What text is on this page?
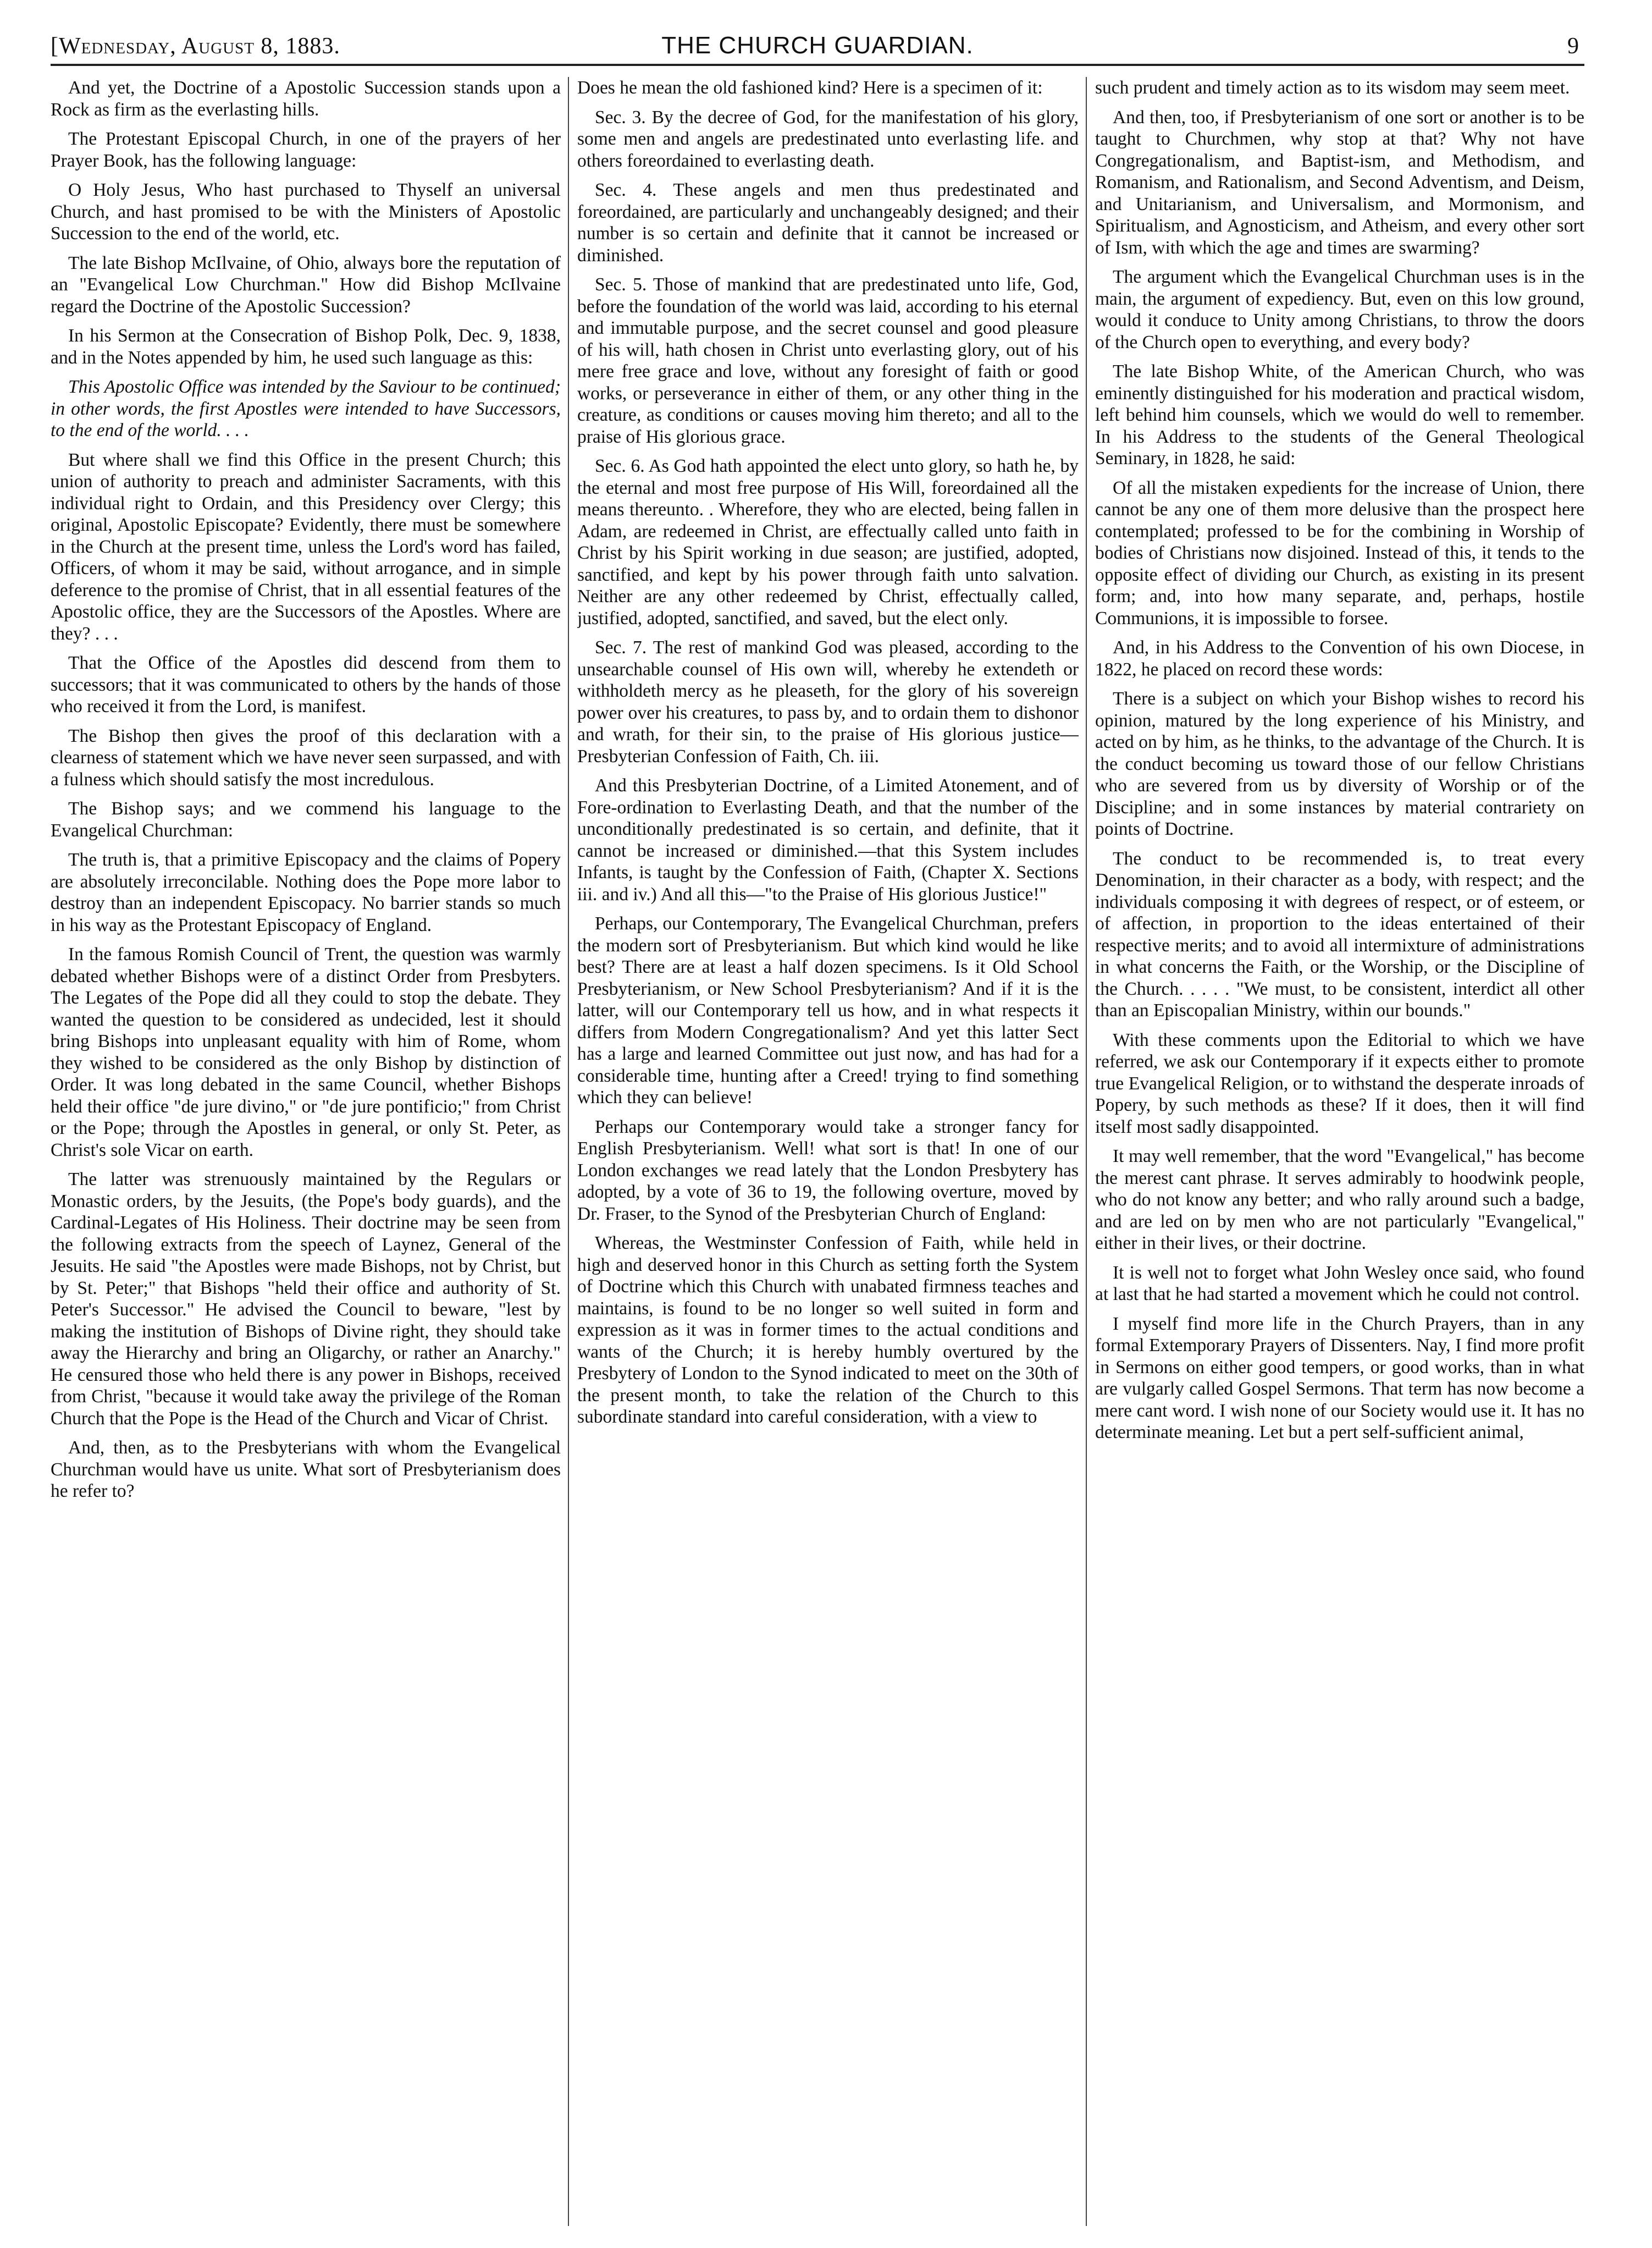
[Wednesday, August 8, 1883.	THE CHURCH GUARDIAN.	9

And yet, the Doctrine of a Apostolic Succession stands upon a Rock as firm as the everlasting hills.

The Protestant Episcopal Church, in one of the prayers of her Prayer Book, has the following language:

O Holy Jesus, Who hast purchased to Thyself an universal Church, and hast promised to be with the Ministers of Apostolic Succession to the end of the world, etc.

The late Bishop McIlvaine, of Ohio, always bore the reputation of an "Evangelical Low Churchman." How did Bishop McIlvaine regard the Doctrine of the Apostolic Succession?

In his Sermon at the Consecration of Bishop Polk, Dec. 9, 1838, and in the Notes appended by him, he used such language as this:

This Apostolic Office was intended by the Saviour to be continued; in other words, the first Apostles were intended to have Successors, to the end of the world. . . .

But where shall we find this Office in the present Church; this union of authority to preach and administer Sacraments, with this individual right to Ordain, and this Presidency over Clergy; this original, Apostolic Episcopate? Evidently, there must be somewhere in the Church at the present time, unless the Lord's word has failed, Officers, of whom it may be said, without arrogance, and in simple deference to the promise of Christ, that in all essential features of the Apostolic office, they are the Successors of the Apostles. Where are they? . . .

That the Office of the Apostles did descend from them to successors; that it was communicated to others by the hands of those who received it from the Lord, is manifest.

The Bishop then gives the proof of this declaration with a clearness of statement which we have never seen surpassed, and with a fulness which should satisfy the most incredulous.

The Bishop says; and we commend his language to the Evangelical Churchman:

The truth is, that a primitive Episcopacy and the claims of Popery are absolutely irreconcilable. Nothing does the Pope more labor to destroy than an independent Episcopacy. No barrier stands so much in his way as the Protestant Episcopacy of England.

In the famous Romish Council of Trent, the question was warmly debated whether Bishops were of a distinct Order from Presbyters. The Legates of the Pope did all they could to stop the debate. They wanted the question to be considered as undecided, lest it should bring Bishops into unpleasant equality with him of Rome, whom they wished to be considered as the only Bishop by distinction of Order. It was long debated in the same Council, whether Bishops held their office "de jure divino," or "de jure pontificio;" from Christ or the Pope; through the Apostles in general, or only St. Peter, as Christ's sole Vicar on earth.

The latter was strenuously maintained by the Regulars or Monastic orders, by the Jesuits, (the Pope's body guards), and the Cardinal-Legates of His Holiness. Their doctrine may be seen from the following extracts from the speech of Laynez, General of the Jesuits. He said "the Apostles were made Bishops, not by Christ, but by St. Peter;" that Bishops "held their office and authority of St. Peter's Successor." He advised the Council to beware, "lest by making the institution of Bishops of Divine right, they should take away the Hierarchy and bring an Oligarchy, or rather an Anarchy." He censured those who held there is any power in Bishops, received from Christ, "because it would take away the privilege of the Roman Church that the Pope is the Head of the Church and Vicar of Christ.

And, then, as to the Presbyterians with whom the Evangelical Churchman would have us unite. What sort of Presbyterianism does he refer to?

Does he mean the old fashioned kind? Here is a specimen of it:

Sec. 3. By the decree of God, for the manifestation of his glory, some men and angels are predestinated unto everlasting life. and others foreordained to everlasting death.

Sec. 4. These angels and men thus predestinated and foreordained, are particularly and unchangeably designed; and their number is so certain and definite that it cannot be increased or diminished.

Sec. 5. Those of mankind that are predestinated unto life, God, before the foundation of the world was laid, according to his eternal and immutable purpose, and the secret counsel and good pleasure of his will, hath chosen in Christ unto everlasting glory, out of his mere free grace and love, without any foresight of faith or good works, or perseverance in either of them, or any other thing in the creature, as conditions or causes moving him thereto; and all to the praise of His glorious grace.

Sec. 6. As God hath appointed the elect unto glory, so hath he, by the eternal and most free purpose of His Will, foreordained all the means thereunto. . Wherefore, they who are elected, being fallen in Adam, are redeemed in Christ, are effectually called unto faith in Christ by his Spirit working in due season; are justified, adopted, sanctified, and kept by his power through faith unto salvation. Neither are any other redeemed by Christ, effectually called, justified, adopted, sanctified, and saved, but the elect only.

Sec. 7. The rest of mankind God was pleased, according to the unsearchable counsel of His own will, whereby he extendeth or withholdeth mercy as he pleaseth, for the glory of his sovereign power over his creatures, to pass by, and to ordain them to dishonor and wrath, for their sin, to the praise of His glorious justice—Presbyterian Confession of Faith, Ch. iii.

And this Presbyterian Doctrine, of a Limited Atonement, and of Fore-ordination to Everlasting Death, and that the number of the unconditionally predestinated is so certain, and definite, that it cannot be increased or diminished.—that this System includes Infants, is taught by the Confession of Faith, (Chapter X. Sections iii. and iv.) And all this—"to the Praise of His glorious Justice!"

Perhaps, our Contemporary, The Evangelical Churchman, prefers the modern sort of Presbyterianism. But which kind would he like best? There are at least a half dozen specimens. Is it Old School Presbyterianism, or New School Presbyterianism? And if it is the latter, will our Contemporary tell us how, and in what respects it differs from Modern Congregationalism? And yet this latter Sect has a large and learned Committee out just now, and has had for a considerable time, hunting after a Creed! trying to find something which they can believe!

Perhaps our Contemporary would take a stronger fancy for English Presbyterianism. Well! what sort is that! In one of our London exchanges we read lately that the London Presbytery has adopted, by a vote of 36 to 19, the following overture, moved by Dr. Fraser, to the Synod of the Presbyterian Church of England:

Whereas, the Westminster Confession of Faith, while held in high and deserved honor in this Church as setting forth the System of Doctrine which this Church with unabated firmness teaches and maintains, is found to be no longer so well suited in form and expression as it was in former times to the actual conditions and wants of the Church; it is hereby humbly overtured by the Presbytery of London to the Synod indicated to meet on the 30th of the present month, to take the relation of the Church to this subordinate standard into careful consideration, with a view to

such prudent and timely action as to its wisdom may seem meet.

And then, too, if Presbyterianism of one sort or another is to be taught to Churchmen, why stop at that? Why not have Congregationalism, and Baptist-ism, and Methodism, and Romanism, and Rationalism, and Second Adventism, and Deism, and Unitarianism, and Universalism, and Mormonism, and Spiritualism, and Agnosticism, and Atheism, and every other sort of Ism, with which the age and times are swarming?

The argument which the Evangelical Churchman uses is in the main, the argument of expediency. But, even on this low ground, would it conduce to Unity among Christians, to throw the doors of the Church open to everything, and every body?

The late Bishop White, of the American Church, who was eminently distinguished for his moderation and practical wisdom, left behind him counsels, which we would do well to remember. In his Address to the students of the General Theological Seminary, in 1828, he said:

Of all the mistaken expedients for the increase of Union, there cannot be any one of them more delusive than the prospect here contemplated; professed to be for the combining in Worship of bodies of Christians now disjoined. Instead of this, it tends to the opposite effect of dividing our Church, as existing in its present form; and, into how many separate, and, perhaps, hostile Communions, it is impossible to forsee.

And, in his Address to the Convention of his own Diocese, in 1822, he placed on record these words:

There is a subject on which your Bishop wishes to record his opinion, matured by the long experience of his Ministry, and acted on by him, as he thinks, to the advantage of the Church. It is the conduct becoming us toward those of our fellow Christians who are severed from us by diversity of Worship or of the Discipline; and in some instances by material contrariety on points of Doctrine.

The conduct to be recommended is, to treat every Denomination, in their character as a body, with respect; and the individuals composing it with degrees of respect, or of esteem, or of affection, in proportion to the ideas entertained of their respective merits; and to avoid all intermixture of administrations in what concerns the Faith, or the Worship, or the Discipline of the Church. . . . . "We must, to be consistent, interdict all other than an Episcopalian Ministry, within our bounds."

With these comments upon the Editorial to which we have referred, we ask our Contemporary if it expects either to promote true Evangelical Religion, or to withstand the desperate inroads of Popery, by such methods as these? If it does, then it will find itself most sadly disappointed.

It may well remember, that the word "Evangelical," has become the merest cant phrase. It serves admirably to hoodwink people, who do not know any better; and who rally around such a badge, and are led on by men who are not particularly "Evangelical," either in their lives, or their doctrine.

It is well not to forget what John Wesley once said, who found at last that he had started a movement which he could not control.

I myself find more life in the Church Prayers, than in any formal Extemporary Prayers of Dissenters. Nay, I find more profit in Sermons on either good tempers, or good works, than in what are vulgarly called Gospel Sermons. That term has now become a mere cant word. I wish none of our Society would use it. It has no determinate meaning. Let but a pert self-sufficient animal,
